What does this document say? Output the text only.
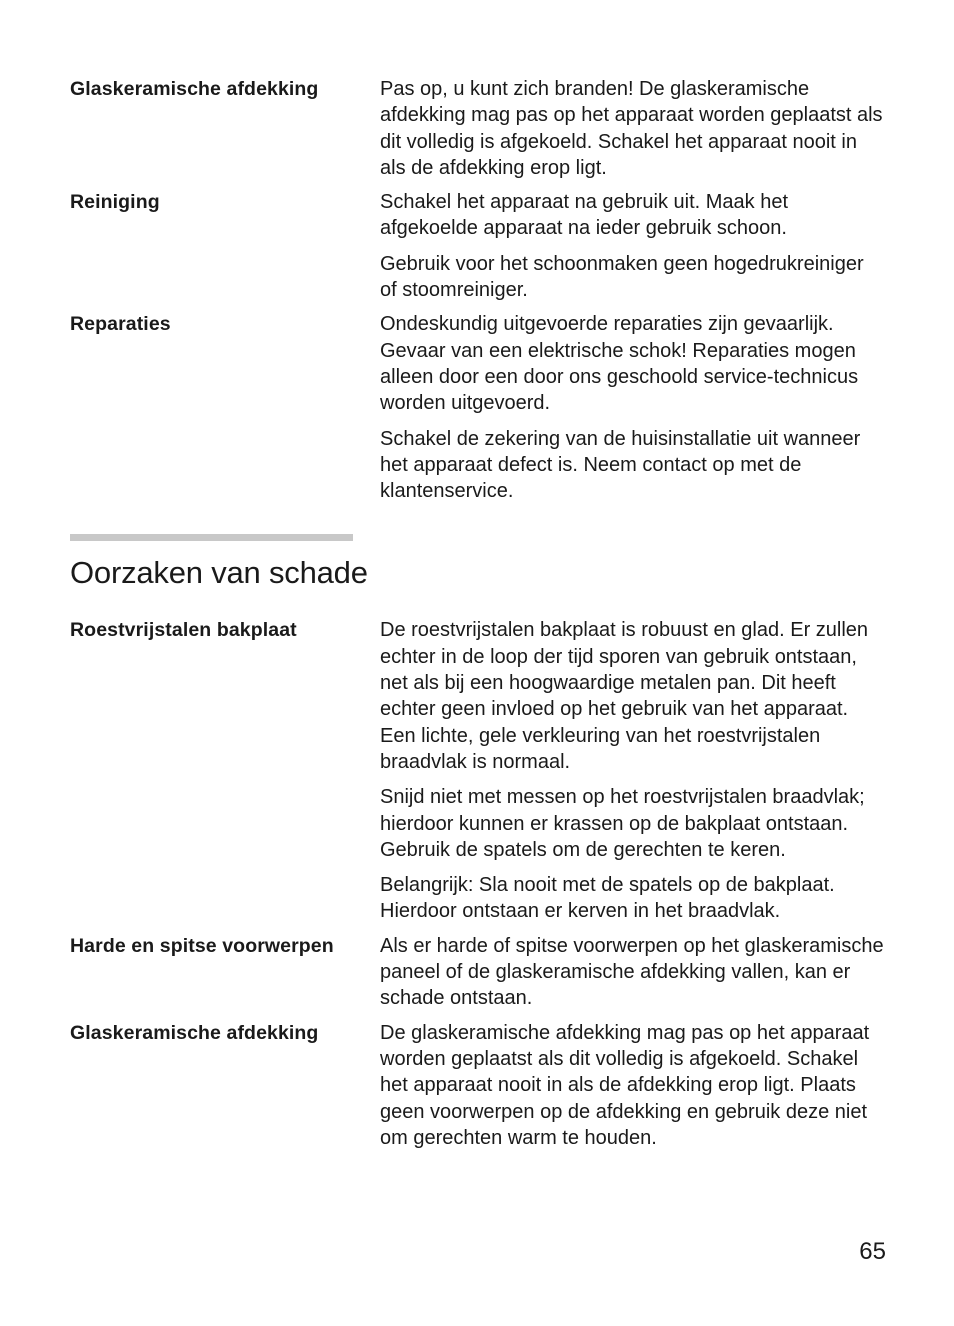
Glaskeramische afdekking	Pas op, u kunt zich branden! De glaskeramische afdekking mag pas op het apparaat worden geplaatst als dit volledig is afgekoeld. Schakel het apparaat nooit in als de afdekking erop ligt.

Reiniging	Schakel het apparaat na gebruik uit. Maak het afgekoelde apparaat na ieder gebruik schoon.

Gebruik voor het schoonmaken geen hogedrukreiniger of stoomreiniger.

Reparaties	Ondeskundig uitgevoerde reparaties zijn gevaarlijk. Gevaar van een elektrische schok! Reparaties mogen alleen door een door ons geschoold service-technicus worden uitgevoerd.

Schakel de zekering van de huisinstallatie uit wanneer het apparaat defect is. Neem contact op met de klantenservice.

Oorzaken van schade
Roestvrijstalen bakplaat	De roestvrijstalen bakplaat is robuust en glad. Er zullen echter in de loop der tijd sporen van gebruik ontstaan, net als bij een hoogwaardige metalen pan. Dit heeft echter geen invloed op het gebruik van het apparaat. Een lichte, gele verkleuring van het roestvrijstalen braadvlak is normaal.

Snijd niet met messen op het roestvrijstalen braadvlak; hierdoor kunnen er krassen op de bakplaat ontstaan. Gebruik de spatels om de gerechten te keren.

Belangrijk: Sla nooit met de spatels op de bakplaat. Hierdoor ontstaan er kerven in het braadvlak.

Harde en spitse voorwerpen	Als er harde of spitse voorwerpen op het glaskeramische paneel of de glaskeramische afdekking vallen, kan er schade ontstaan.

Glaskeramische afdekking	De glaskeramische afdekking mag pas op het apparaat worden geplaatst als dit volledig is afgekoeld. Schakel het apparaat nooit in als de afdekking erop ligt. Plaats geen voorwerpen op de afdekking en gebruik deze niet om gerechten warm te houden.

65
